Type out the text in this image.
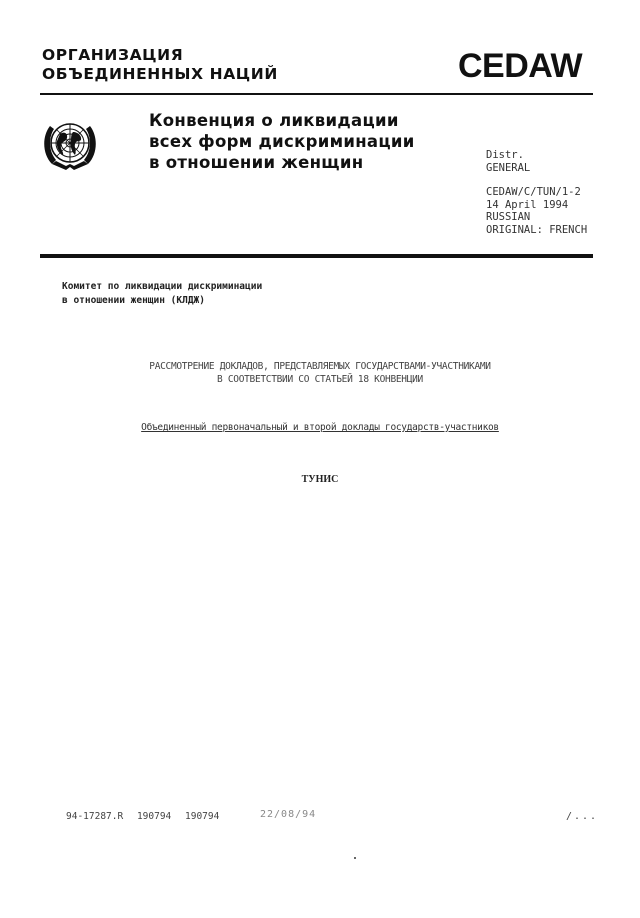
ОРГАНИЗАЦИЯ
ОБЪЕДИНЕННЫХ НАЦИЙ	CEDAW
Конвенция о ликвидации
всех форм дискриминации
в отношении женщин	Distr.
GENERAL
CEDAW/C/TUN/1-2
14 April 1994
RUSSIAN
ORIGINAL: FRENCH
Комитет по ликвидации дискриминации
в отношении женщин (КЛДЖ)
РАССМОТРЕНИЕ ДОКЛАДОВ, ПРЕДСТАВЛЯЕМЫХ ГОСУДАРСТВАМИ-УЧАСТНИКАМИ
В СООТВЕТСТВИИ СО СТАТЬЕЙ 18 КОНВЕНЦИИ
Объединенный первоначальный и второй доклады государств-участников
ТУНИС
94-17287.R 190794 190794	22/08/94	/...
